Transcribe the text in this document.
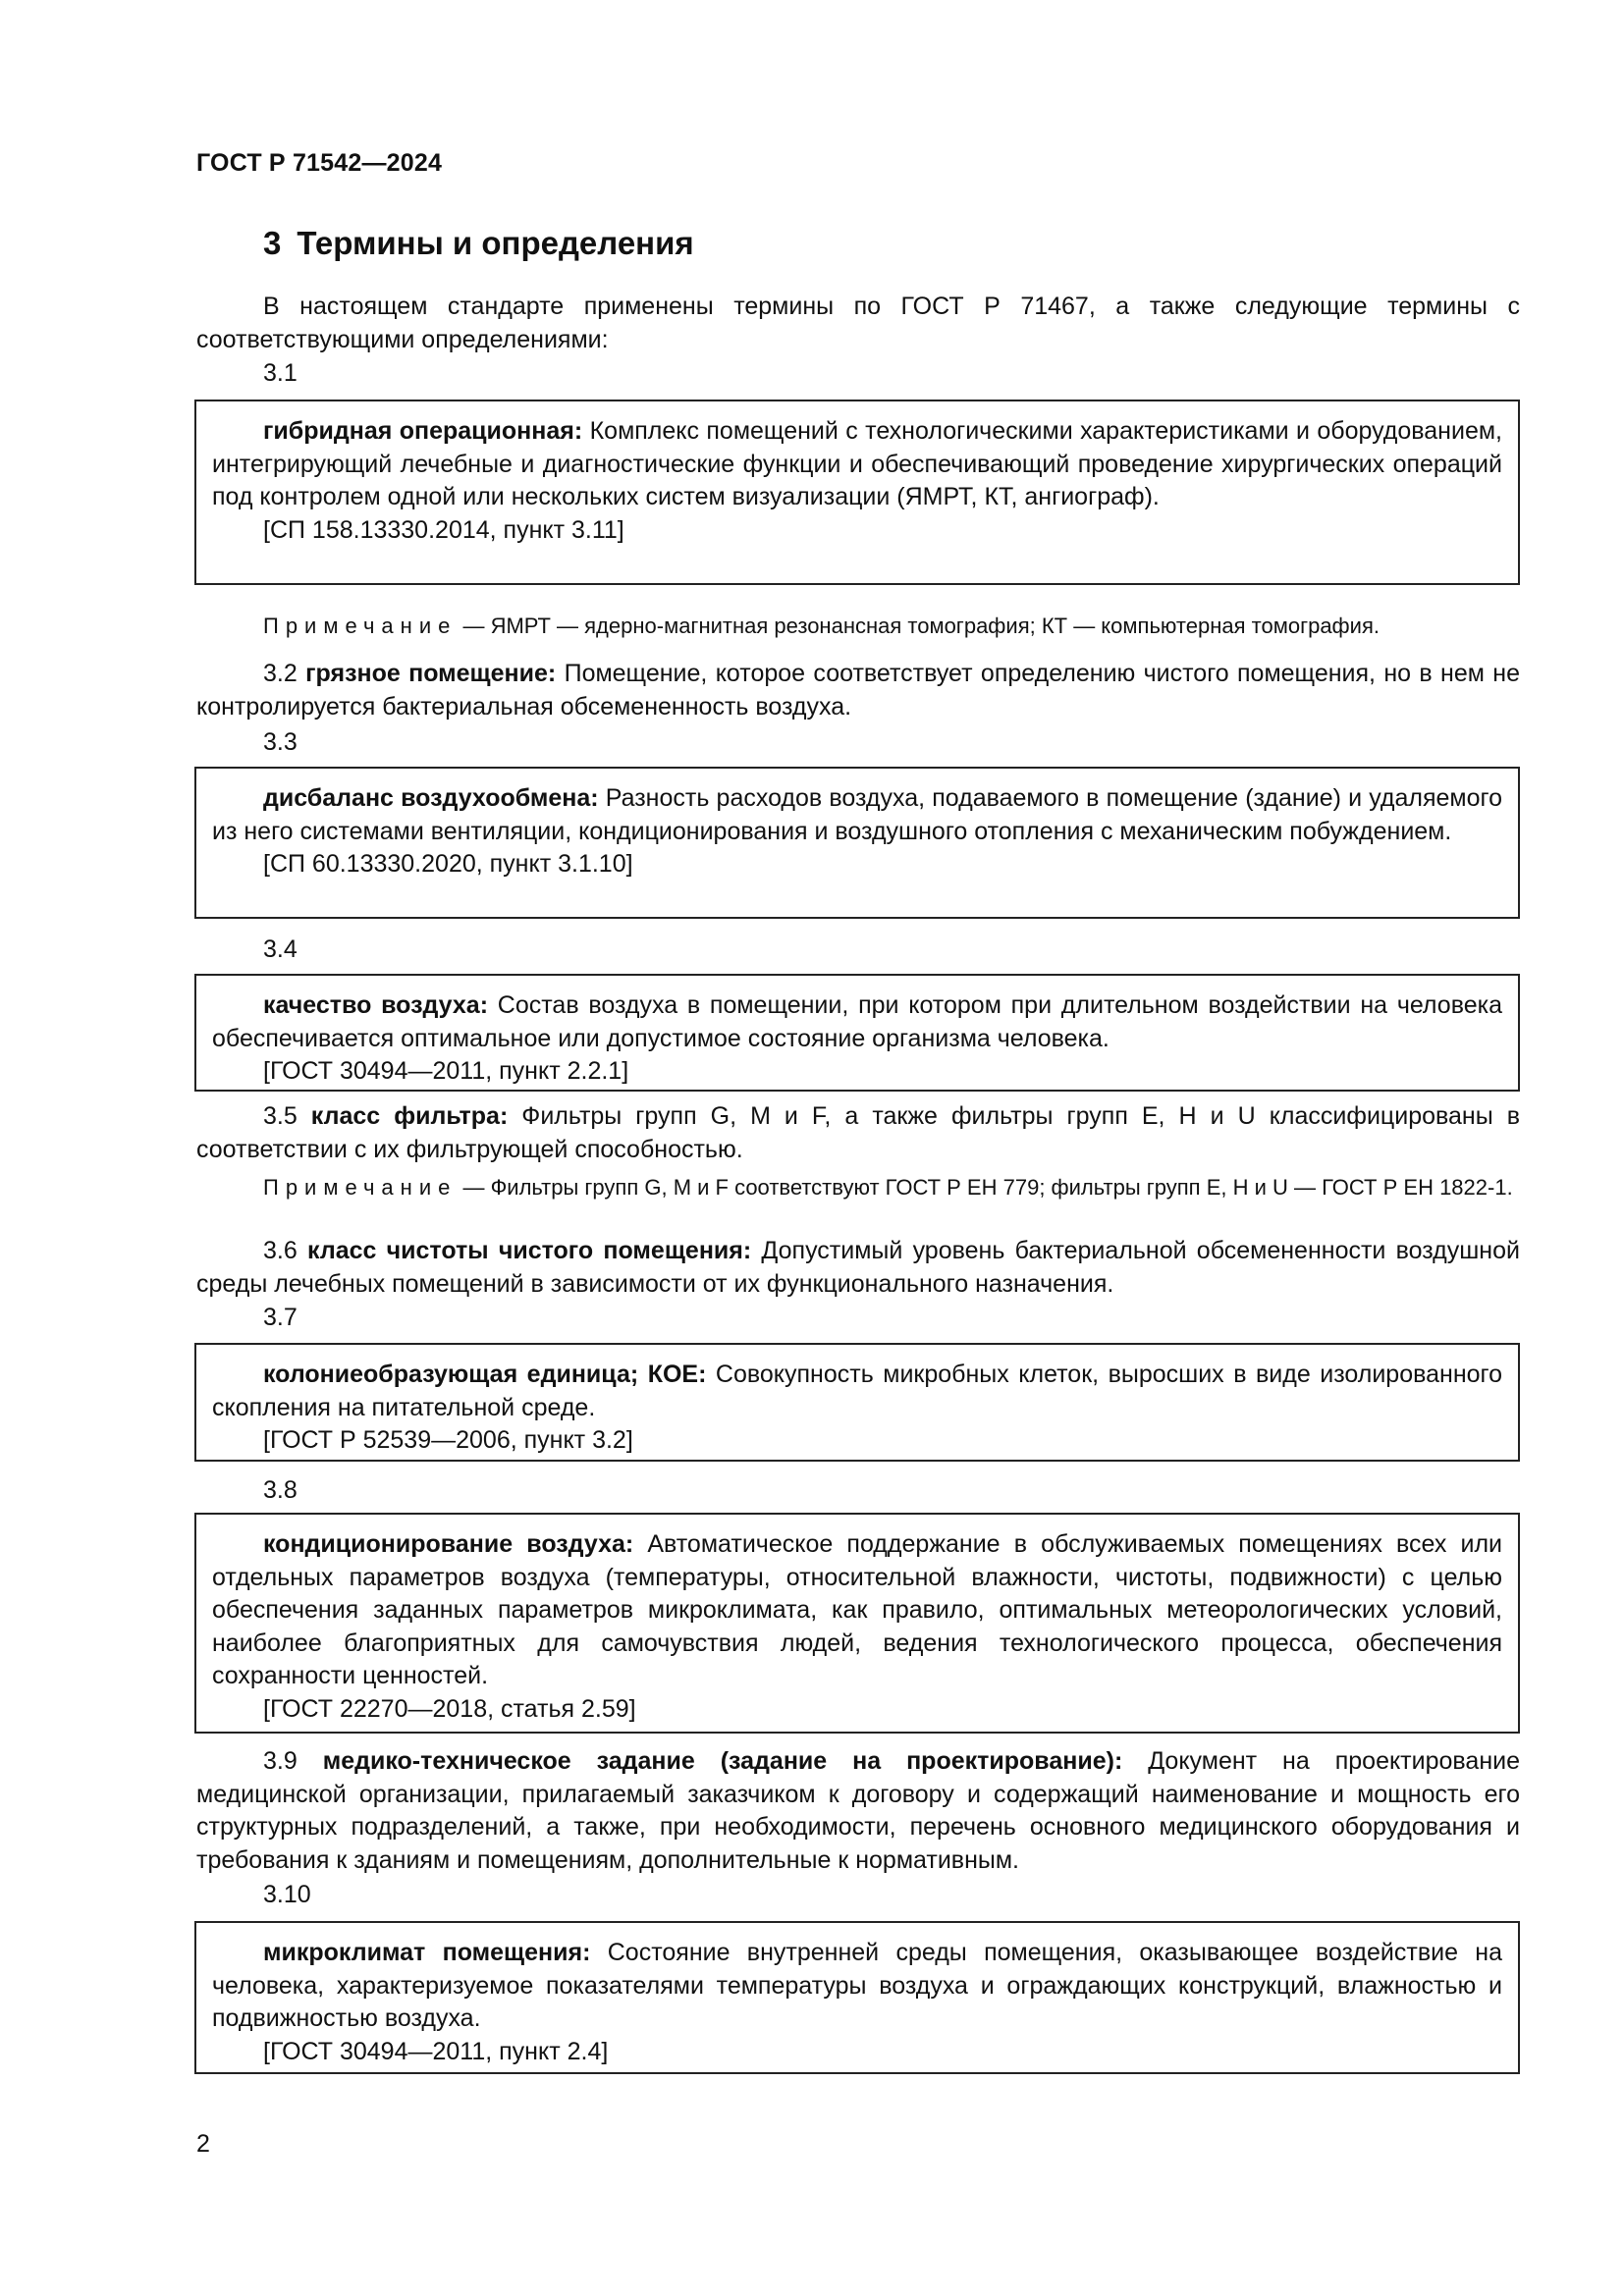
ГОСТ Р 71542—2024
3 Термины и определения
В настоящем стандарте применены термины по ГОСТ Р 71467, а также следующие термины с соответствующими определениями:
3.1

гибридная операционная: Комплекс помещений с технологическими характеристиками и оборудованием, интегрирующий лечебные и диагностические функции и обеспечивающий проведение хирургических операций под контролем одной или нескольких систем визуализации (ЯМРТ, КТ, ангиограф).

[СП 158.13330.2014, пункт 3.11]

Примечание — ЯМРТ — ядерно-магнитная резонансная томография; КТ — компьютерная томография.
3.2 грязное помещение: Помещение, которое соответствует определению чистого помещения, но в нем не контролируется бактериальная обсемененность воздуха.
3.3

дисбаланс воздухообмена: Разность расходов воздуха, подаваемого в помещение (здание) и удаляемого из него системами вентиляции, кондиционирования и воздушного отопления с механическим побуждением.

[СП 60.13330.2020, пункт 3.1.10]

3.4

качество воздуха: Состав воздуха в помещении, при котором при длительном воздействии на человека обеспечивается оптимальное или допустимое состояние организма человека.

[ГОСТ 30494—2011, пункт 2.2.1]

3.5 класс фильтра: Фильтры групп G, M и F, а также фильтры групп E, H и U классифицированы в соответствии с их фильтрующей способностью.
Примечание — Фильтры групп G, M и F соответствуют ГОСТ Р ЕН 779; фильтры групп E, H и U — ГОСТ Р ЕН 1822-1.
3.6 класс чистоты чистого помещения: Допустимый уровень бактериальной обсемененности воздушной среды лечебных помещений в зависимости от их функционального назначения.
3.7

колониеобразующая единица; КОЕ: Совокупность микробных клеток, выросших в виде изолированного скопления на питательной среде.

[ГОСТ Р 52539—2006, пункт 3.2]

3.8

кондиционирование воздуха: Автоматическое поддержание в обслуживаемых помещениях всех или отдельных параметров воздуха (температуры, относительной влажности, чистоты, подвижности) с целью обеспечения заданных параметров микроклимата, как правило, оптимальных метеорологических условий, наиболее благоприятных для самочувствия людей, ведения технологического процесса, обеспечения сохранности ценностей.

[ГОСТ 22270—2018, статья 2.59]

3.9 медико-техническое задание (задание на проектирование): Документ на проектирование медицинской организации, прилагаемый заказчиком к договору и содержащий наименование и мощность его структурных подразделений, а также, при необходимости, перечень основного медицинского оборудования и требования к зданиям и помещениям, дополнительные к нормативным.
3.10

микроклимат помещения: Состояние внутренней среды помещения, оказывающее воздействие на человека, характеризуемое показателями температуры воздуха и ограждающих конструкций, влажностью и подвижностью воздуха.

[ГОСТ 30494—2011, пункт 2.4]

2
